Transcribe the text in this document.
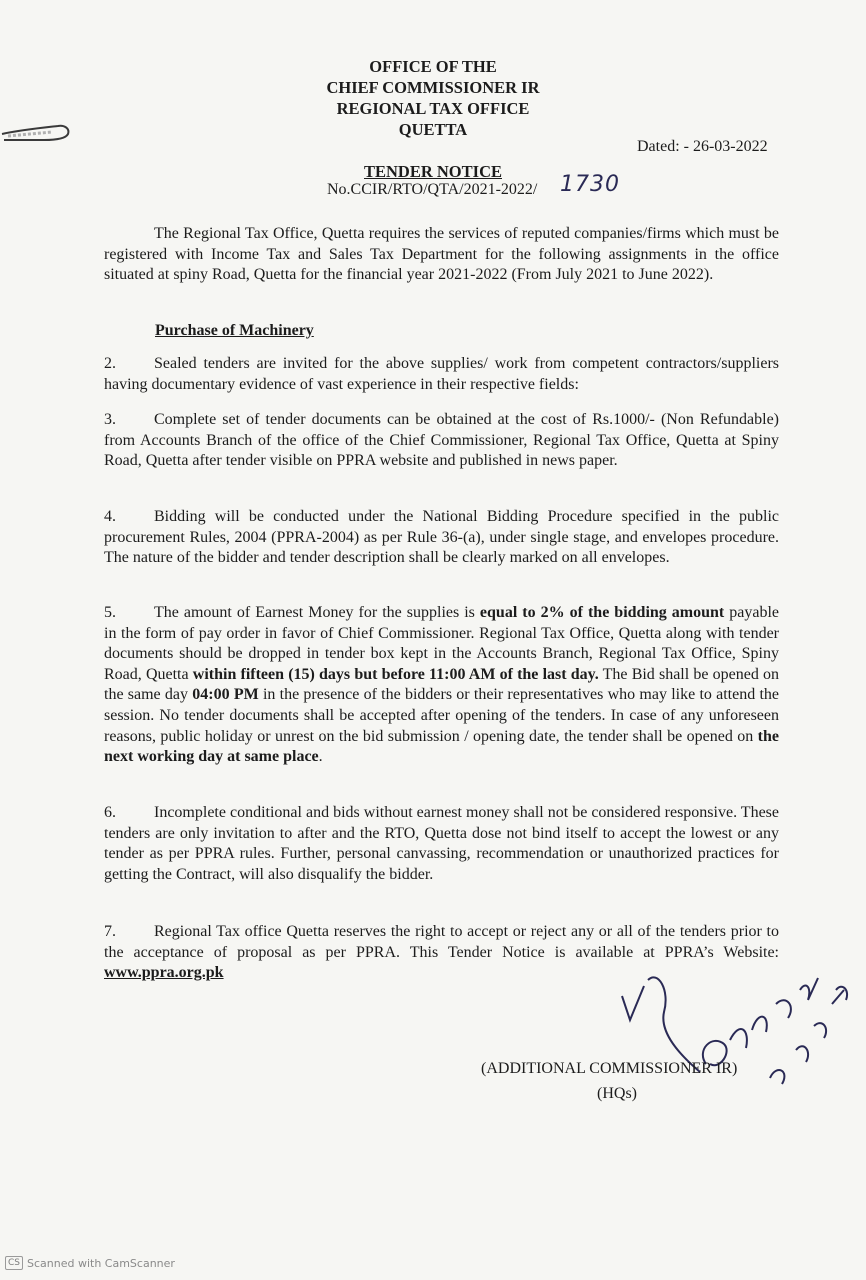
OFFICE OF THE
CHIEF COMMISSIONER IR
REGIONAL TAX OFFICE
QUETTA
Dated: - 26-03-2022
TENDER NOTICE
No.CCIR/RTO/QTA/2021-2022/ 1730
The Regional Tax Office, Quetta requires the services of reputed companies/firms which must be registered with Income Tax and Sales Tax Department for the following assignments in the office situated at spiny Road, Quetta for the financial year 2021-2022 (From July 2021 to June 2022).
Purchase of Machinery
2. Sealed tenders are invited for the above supplies/ work from competent contractors/suppliers having documentary evidence of vast experience in their respective fields:
3. Complete set of tender documents can be obtained at the cost of Rs.1000/- (Non Refundable) from Accounts Branch of the office of the Chief Commissioner, Regional Tax Office, Quetta at Spiny Road, Quetta after tender visible on PPRA website and published in news paper.
4. Bidding will be conducted under the National Bidding Procedure specified in the public procurement Rules, 2004 (PPRA-2004) as per Rule 36-(a), under single stage, and envelopes procedure. The nature of the bidder and tender description shall be clearly marked on all envelopes.
5. The amount of Earnest Money for the supplies is equal to 2% of the bidding amount payable in the form of pay order in favor of Chief Commissioner. Regional Tax Office, Quetta along with tender documents should be dropped in tender box kept in the Accounts Branch, Regional Tax Office, Spiny Road, Quetta within fifteen (15) days but before 11:00 AM of the last day. The Bid shall be opened on the same day 04:00 PM in the presence of the bidders or their representatives who may like to attend the session. No tender documents shall be accepted after opening of the tenders. In case of any unforeseen reasons, public holiday or unrest on the bid submission / opening date, the tender shall be opened on the next working day at same place.
6. Incomplete conditional and bids without earnest money shall not be considered responsive. These tenders are only invitation to after and the RTO, Quetta dose not bind itself to accept the lowest or any tender as per PPRA rules. Further, personal canvassing, recommendation or unauthorized practices for getting the Contract, will also disqualify the bidder.
7. Regional Tax office Quetta reserves the right to accept or reject any or all of the tenders prior to the acceptance of proposal as per PPRA. This Tender Notice is available at PPRA’s Website: www.ppra.org.pk
(ADDITIONAL COMMISSIONER IR)
(HQs)
CS Scanned with CamScanner
